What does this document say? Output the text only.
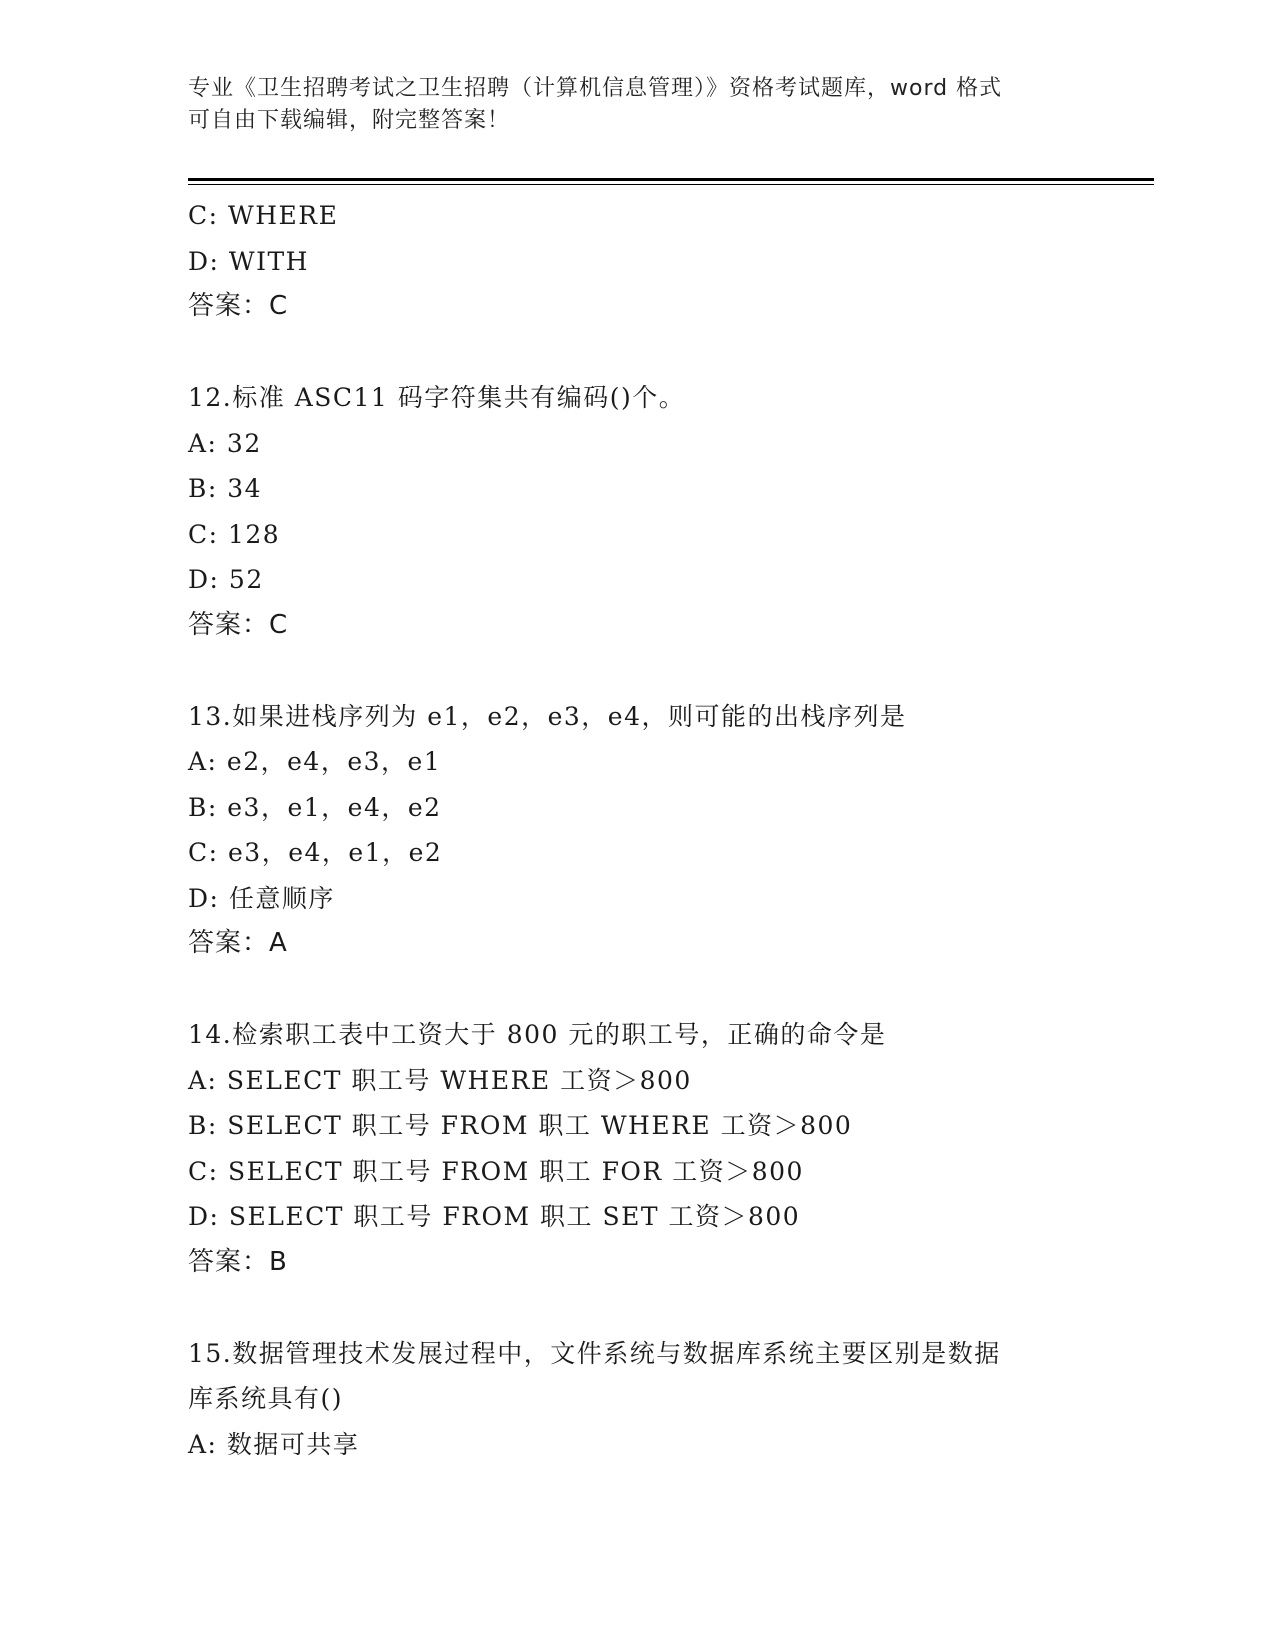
专业《卫生招聘考试之卫生招聘（计算机信息管理）》资格考试题库，word 格式
可自由下载编辑，附完整答案！
C: WHERE
D: WITH
答案：C
12.标准 ASC11 码字符集共有编码()个。
A: 32
B: 34
C: 128
D: 52
答案：C
13.如果进栈序列为 e1，e2，e3，e4，则可能的出栈序列是
A: e2，e4，e3，e1
B: e3，e1，e4，e2
C: e3，e4，e1，e2
D: 任意顺序
答案：A
14.检索职工表中工资大于 800 元的职工号，正确的命令是
A: SELECT 职工号 WHERE 工资＞800
B: SELECT 职工号 FROM 职工 WHERE 工资＞800
C: SELECT 职工号 FROM 职工 FOR 工资＞800
D: SELECT 职工号 FROM 职工 SET 工资＞800
答案：B
15.数据管理技术发展过程中，文件系统与数据库系统主要区别是数据
库系统具有()
A: 数据可共享
